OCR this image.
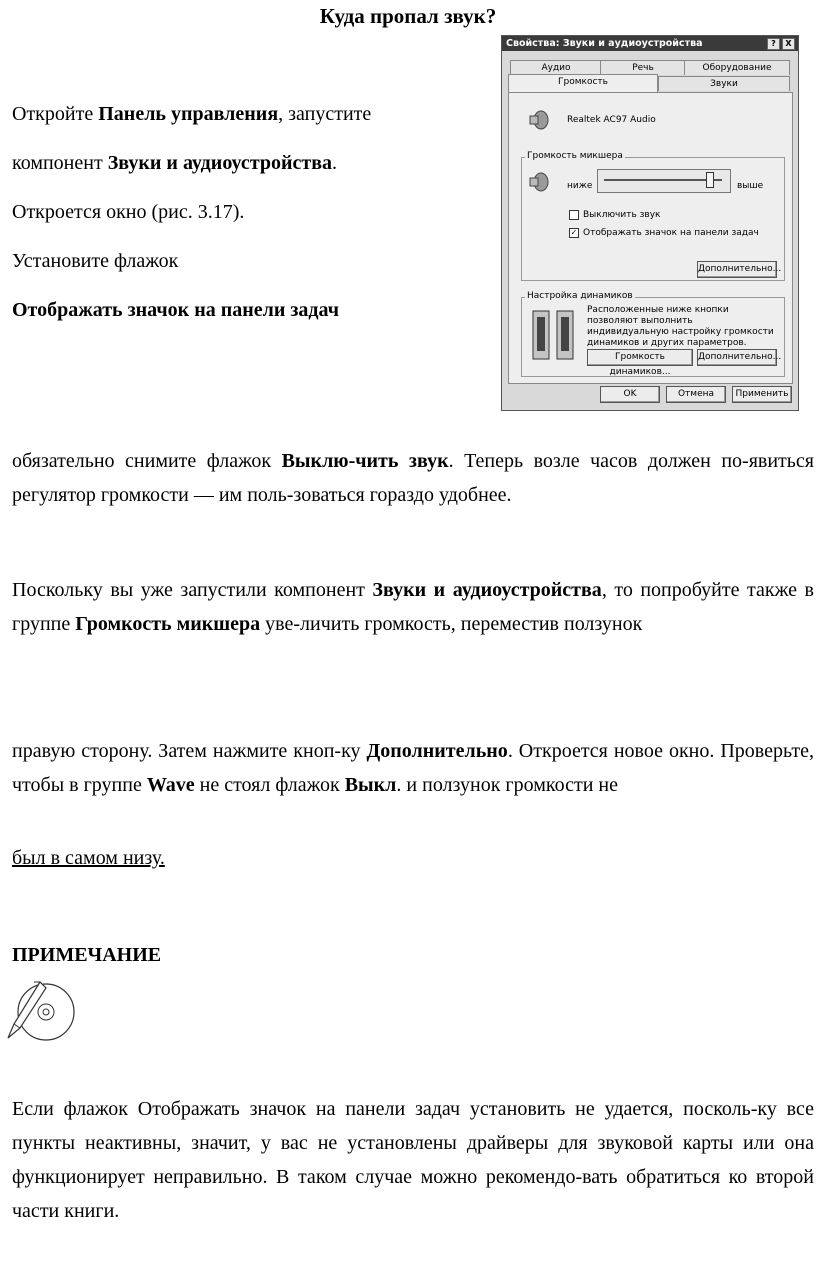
Куда пропал звук?
Откройте Панель управления, запустите
компонент Звуки и аудиоустройства.
Откроется окно (рис. 3.17).
Установите флажок
Отображать значок на панели задач
Свойства: Звуки и аудиоустройства	?	X
Аудио	Речь	Оборудование
Громкость	Звуки
Realtek AC97 Audio
Громкость микшера
ниже	выше
Выключить звук
✓ Отображать значок на панели задач
Дополнительно...
Настройка динамиков
Расположенные ниже кнопки позволяют выполнить индивидуальную настройку громкости динамиков и других параметров.
Громкость динамиков...
Дополнительно...
OK	Отмена	Применить
обязательно снимите флажок Выклю-чить звук. Теперь возле часов должен по-явиться регулятор громкости — им поль-зоваться гораздо удобнее.
Поскольку вы уже запустили компонент Звуки и аудиоустройства, то попробуйте также в группе Громкость микшера уве-личить громкость, переместив ползунок
правую сторону. Затем нажмите кноп-ку Дополнительно. Откроется новое окно. Проверьте, чтобы в группе Wave не стоял флажок Выкл. и ползунок громкости не
был в самом низу.
ПРИМЕЧАНИЕ
Если флажок Отображать значок на панели задач установить не удается, посколь-ку все пункты неактивны, значит, у вас не установлены драйверы для звуковой карты или она функционирует неправильно. В таком случае можно рекомендо-вать обратиться ко второй части книги.
